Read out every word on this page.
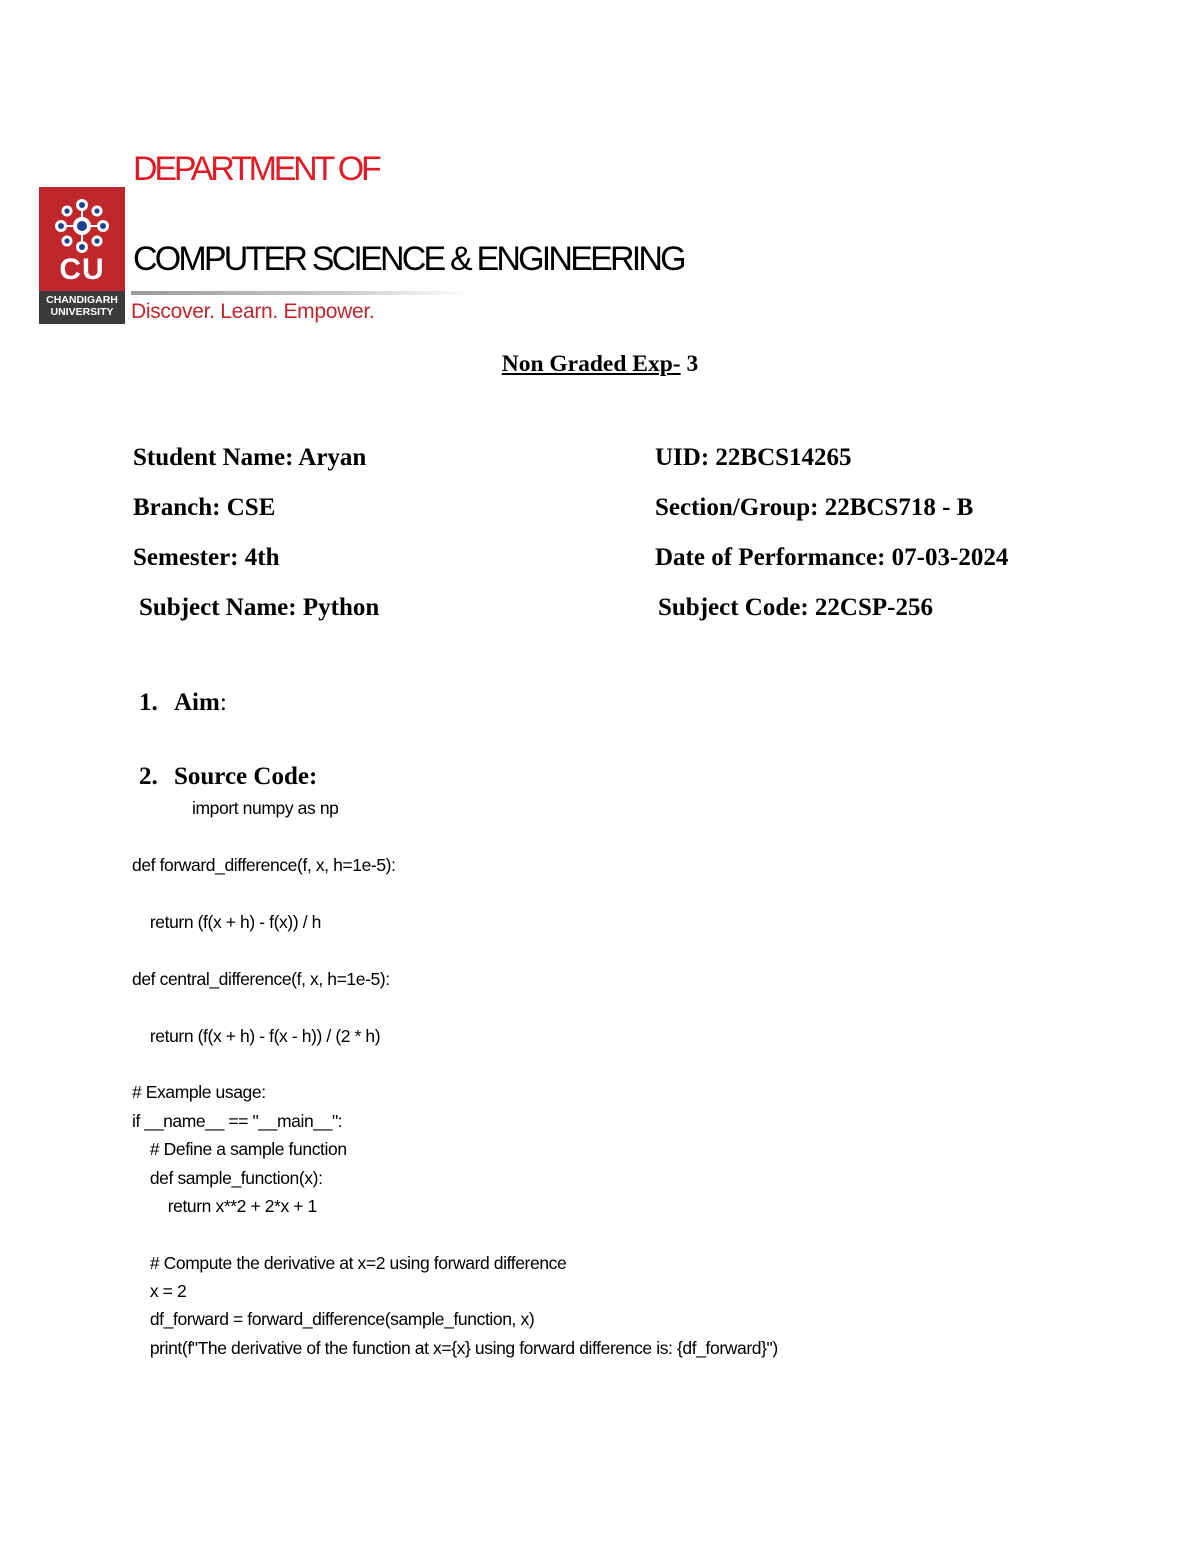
DEPARTMENT OF
COMPUTER SCIENCE & ENGINEERING
CU
CHANDIGARH
UNIVERSITY Discover. Learn. Empower.
Non Graded Exp- 3
Student Name: Aryan	UID: 22BCS14265
Branch: CSE	Section/Group: 22BCS718 - B
Semester: 4th	Date of Performance: 07-03-2024
Subject Name: Python	Subject Code: 22CSP-256
1. Aim:
2. Source Code:
import numpy as np
def forward_difference(f, x, h=1e-5):
return (f(x + h) - f(x)) / h
def central_difference(f, x, h=1e-5):
return (f(x + h) - f(x - h)) / (2 * h)
# Example usage:
if __name__ == "__main__":
# Define a sample function
def sample_function(x):
return x**2 + 2*x + 1
# Compute the derivative at x=2 using forward difference
x = 2
df_forward = forward_difference(sample_function, x)
print(f"The derivative of the function at x={x} using forward difference is: {df_forward}")
